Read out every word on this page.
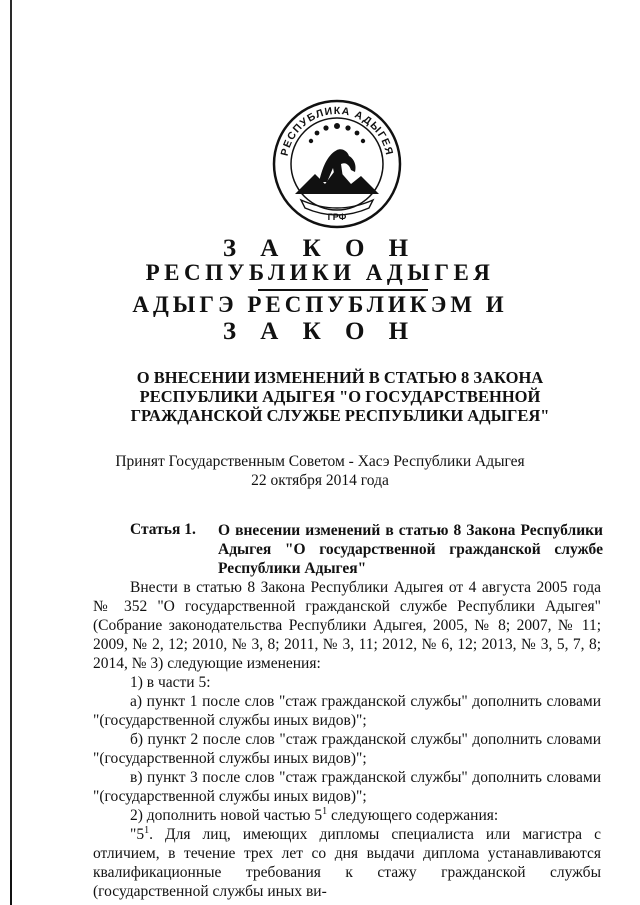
РЕСПУБЛИКА АДЫГЕЯ
ГРФ
З А К О Н
РЕСПУБЛИКИ АДЫГЕЯ
АДЫГЭ РЕСПУБЛИКЭМ И
З А К О Н
О ВНЕСЕНИИ ИЗМЕНЕНИЙ В СТАТЬЮ 8 ЗАКОНА
РЕСПУБЛИКИ АДЫГЕЯ "О ГОСУДАРСТВЕННОЙ
ГРАЖДАНСКОЙ СЛУЖБЕ РЕСПУБЛИКИ АДЫГЕЯ"
Принят Государственным Советом - Хасэ Республики Адыгея
22 октября 2014 года
Статья 1. О внесении изменений в статью 8 Закона Республики Адыгея "О государственной гражданской службе Республики Адыгея"

Внести в статью 8 Закона Республики Адыгея от 4 августа 2005 года № 352 "О государственной гражданской службе Республики Адыгея" (Собрание законодательства Республики Адыгея, 2005, № 8; 2007, № 11; 2009, № 2, 12; 2010, № 3, 8; 2011, № 3, 11; 2012, № 6, 12; 2013, № 3, 5, 7, 8; 2014, № 3) следующие изменения:

1) в части 5:

а) пункт 1 после слов "стаж гражданской службы" дополнить словами "(государственной службы иных видов)";

б) пункт 2 после слов "стаж гражданской службы" дополнить словами "(государственной службы иных видов)";

в) пункт 3 после слов "стаж гражданской службы" дополнить словами "(государственной службы иных видов)";

2) дополнить новой частью $5^1$ следующего содержания:

"$5^1$. Для лиц, имеющих дипломы специалиста или магистра с отличием, в течение трех лет со дня выдачи диплома устанавливаются квалификационные требования к стажу гражданской службы (государственной службы иных ви-
